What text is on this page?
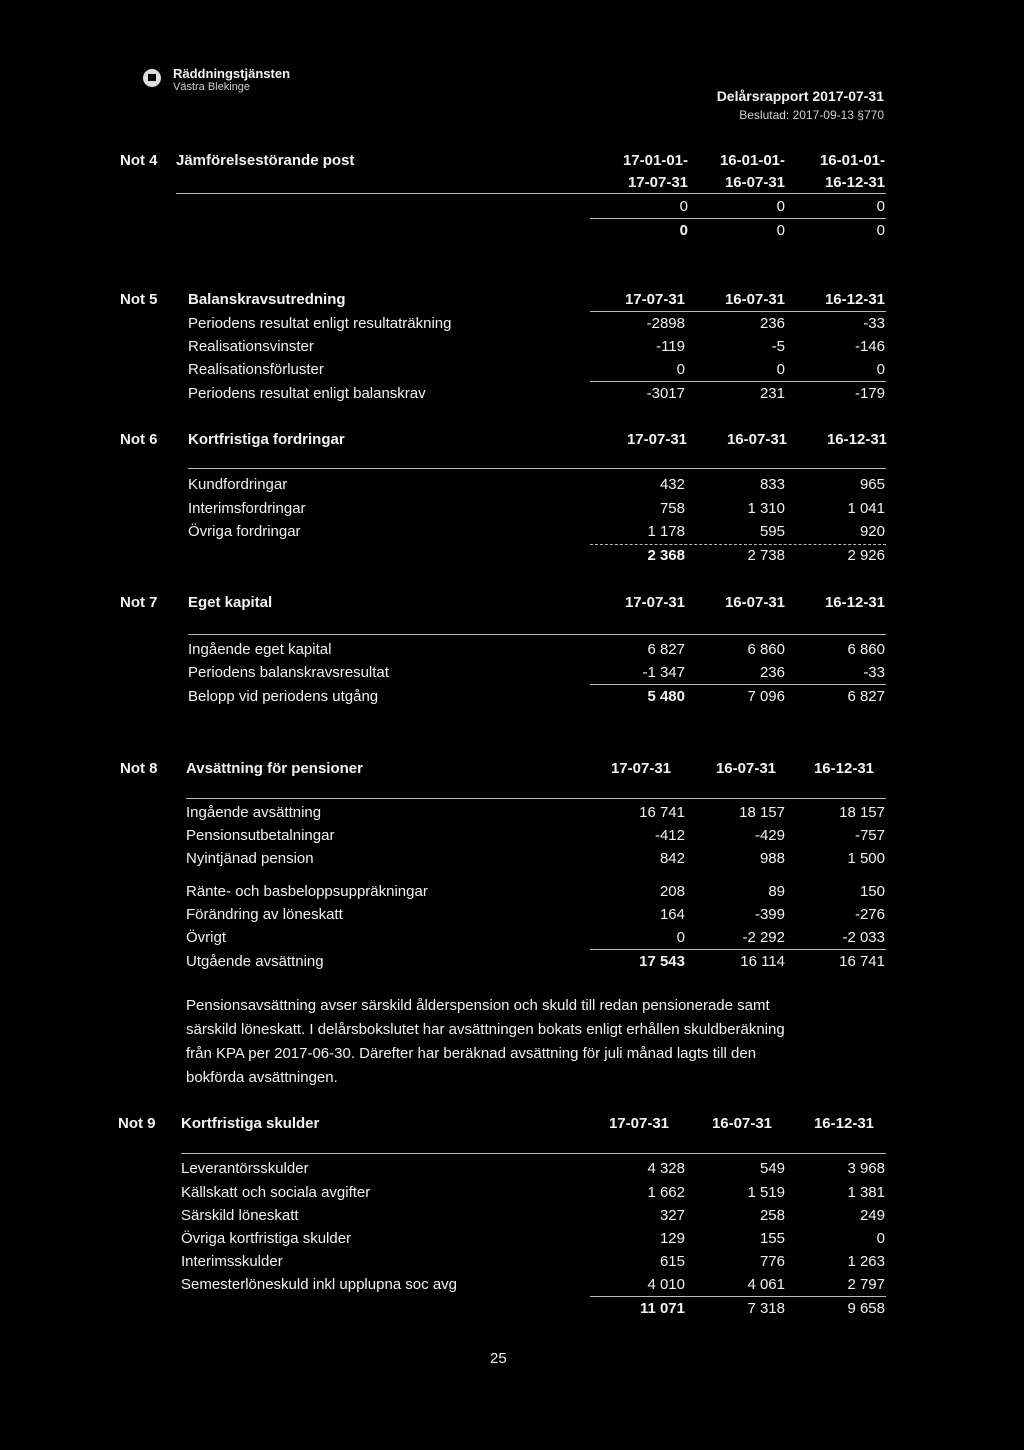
Räddningstjänsten
Västra Blekinge
Delårsrapport 2017-07-31
Beslutad: 2017-09-13 §770
Not 4 Jämförelsestörande post	17-01-01-	16-01-01-	16-01-01-
17-07-31	16-07-31	16-12-31
0	0	0
0	0	0
Not 5 Balanskravsutredning	17-07-31	16-07-31	16-12-31
Periodens resultat enligt resultaträkning	-2898	236	-33
Realisationsvinster	-119	-5	-146
Realisationsförluster	0	0	0
Periodens resultat enligt balanskrav	-3017	231	-179
Not 6 Kortfristiga fordringar	17-07-31	16-07-31	16-12-31
Kundfordringar	432	833	965
Interimsfordringar	758	1 310	1 041
Övriga fordringar	1 178	595	920
2 368	2 738	2 926
Not 7 Eget kapital	17-07-31	16-07-31	16-12-31
Ingående eget kapital	6 827	6 860	6 860
Periodens balanskravsresultat	-1 347	236	-33
Belopp vid periodens utgång	5 480	7 096	6 827
Not 8 Avsättning för pensioner	17-07-31	16-07-31	16-12-31
Ingående avsättning	16 741	18 157	18 157
Pensionsutbetalningar	-412	-429	-757
Nyintjänad pension	842	988	1 500
Ränte- och basbeloppsuppräkningar	208	89	150
Förändring av löneskatt	164	-399	-276
Övrigt	0	-2 292	-2 033
Utgående avsättning	17 543	16 114	16 741
Pensionsavsättning avser särskild ålderspension och skuld till redan pensionerade samt
särskild löneskatt. I delårsbokslutet har avsättningen bokats enligt erhållen skuldberäkning
från KPA per 2017-06-30. Därefter har beräknad avsättning för juli månad lagts till den
bokförda avsättningen.
Not 9 Kortfristiga skulder	17-07-31	16-07-31	16-12-31
Leverantörsskulder	4 328	549	3 968
Källskatt och sociala avgifter	1 662	1 519	1 381
Särskild löneskatt	327	258	249
Övriga kortfristiga skulder	129	155	0
Interimsskulder	615	776	1 263
Semesterlöneskuld inkl upplupna soc avg	4 010	4 061	2 797
11 071	7 318	9 658
25
